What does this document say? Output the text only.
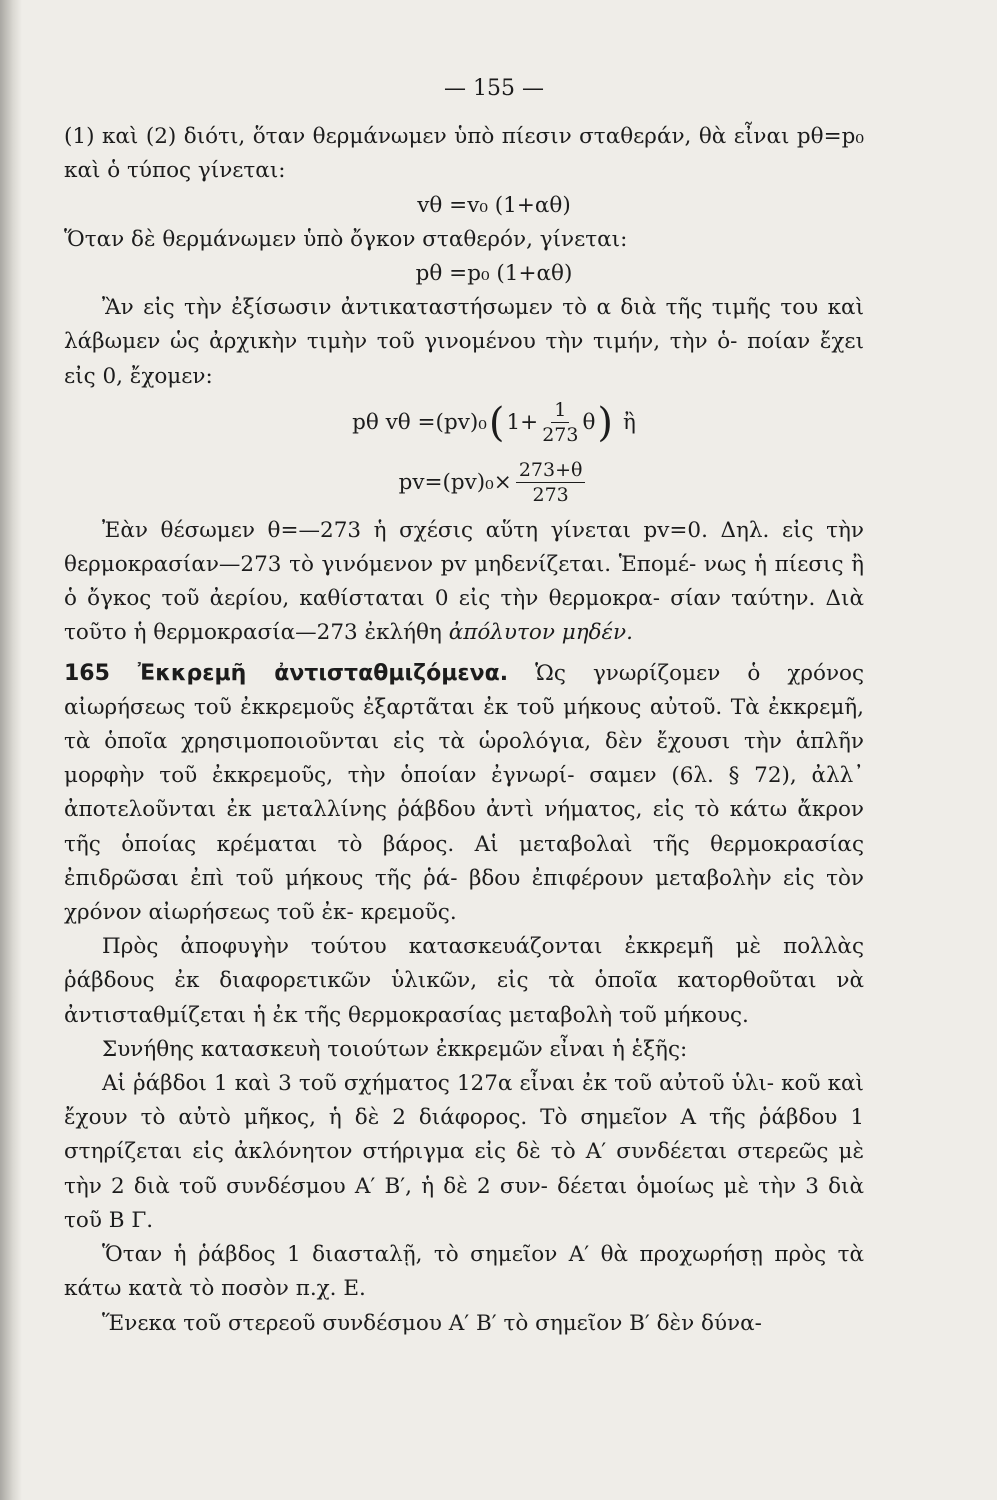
— 155 —

(1) καὶ (2) διότι, ὅταν θερμάνωμεν ὑπὸ πίεσιν σταθεράν, θὰ εἶναι pθ=p₀ καὶ ὁ τύπος γίνεται:

vθ =v₀ (1+αθ)

Ὅταν δὲ θερμάνωμεν ὑπὸ ὄγκον σταθερόν, γίνεται:

pθ =p₀ (1+αθ)

Ἂν εἰς τὴν ἐξίσωσιν ἀντικαταστήσωμεν τὸ α διὰ τῆς τιμῆς του καὶ λάβωμεν ὡς ἀρχικὴν τιμὴν τοῦ γινομένου τὴν τιμήν, τὴν ὁ- ποίαν ἔχει εἰς 0, ἔχομεν:

pθ vθ =(pv)₀ ( $1+ \frac{1}{273}$ θ ) ἢ
$pv=(pv)_0\times \frac{273+\theta}{273}$

Ἐὰν θέσωμεν θ=—273 ἡ σχέσις αὕτη γίνεται pv=0. Δηλ. εἰς τὴν θερμοκρασίαν—273 τὸ γινόμενον pv μηδενίζεται. Ἑπομέ- νως ἡ πίεσις ἢ ὁ ὄγκος τοῦ ἀερίου, καθίσταται 0 εἰς τὴν θερμοκρα- σίαν ταύτην. Διὰ τοῦτο ἡ θερμοκρασία—273 ἐκλήθη ἀπόλυτον μηδέν.

165 Ἐκκρεμῆ ἀντισταθμιζόμενα. Ὡς γνωρίζομεν ὁ χρόνος αἰωρήσεως τοῦ ἐκκρεμοῦς ἐξαρτᾶται ἐκ τοῦ μήκους αὐτοῦ. Τὰ ἐκκρεμῆ, τὰ ὁποῖα χρησιμοποιοῦνται εἰς τὰ ὡρολόγια, δὲν ἔχουσι τὴν ἁπλῆν μορφὴν τοῦ ἐκκρεμοῦς, τὴν ὁποίαν ἐγνωρί- σαμεν (6λ. § 72), ἀλλ᾽ ἀποτελοῦνται ἐκ μεταλλίνης ῥάβδου ἀντὶ νήματος, εἰς τὸ κάτω ἄκρον τῆς ὁποίας κρέμαται τὸ βάρος. Αἱ μεταβολαὶ τῆς θερμοκρασίας ἐπιδρῶσαι ἐπὶ τοῦ μήκους τῆς ῥά- βδου ἐπιφέρουν μεταβολὴν εἰς τὸν χρόνον αἰωρήσεως τοῦ ἐκ- κρεμοῦς.

Πρὸς ἀποφυγὴν τούτου κατασκευάζονται ἐκκρεμῆ μὲ πολλὰς ῥάβδους ἐκ διαφορετικῶν ὑλικῶν, εἰς τὰ ὁποῖα κατορθοῦται νὰ ἀντισταθμίζεται ἡ ἐκ τῆς θερμοκρασίας μεταβολὴ τοῦ μήκους.

Συνήθης κατασκευὴ τοιούτων ἐκκρεμῶν εἶναι ἡ ἑξῆς:

Αἱ ῥάβδοι 1 καὶ 3 τοῦ σχήματος 127α εἶναι ἐκ τοῦ αὐτοῦ ὑλι- κοῦ καὶ ἔχουν τὸ αὐτὸ μῆκος, ἡ δὲ 2 διάφορος. Τὸ σημεῖον Α τῆς ῥάβδου 1 στηρίζεται εἰς ἀκλόνητον στήριγμα εἰς δὲ τὸ Α′ συνδέεται στερεῶς μὲ τὴν 2 διὰ τοῦ συνδέσμου Α′ Β′, ἡ δὲ 2 συν- δέεται ὁμοίως μὲ τὴν 3 διὰ τοῦ Β Γ.

Ὅταν ἡ ῥάβδος 1 διασταλῇ, τὸ σημεῖον Α′ θὰ προχωρήσῃ πρὸς τὰ κάτω κατὰ τὸ ποσὸν π.χ. Ε.

Ἕνεκα τοῦ στερεοῦ συνδέσμου Α′ Β′ τὸ σημεῖον Β′ δὲν δύνα-
